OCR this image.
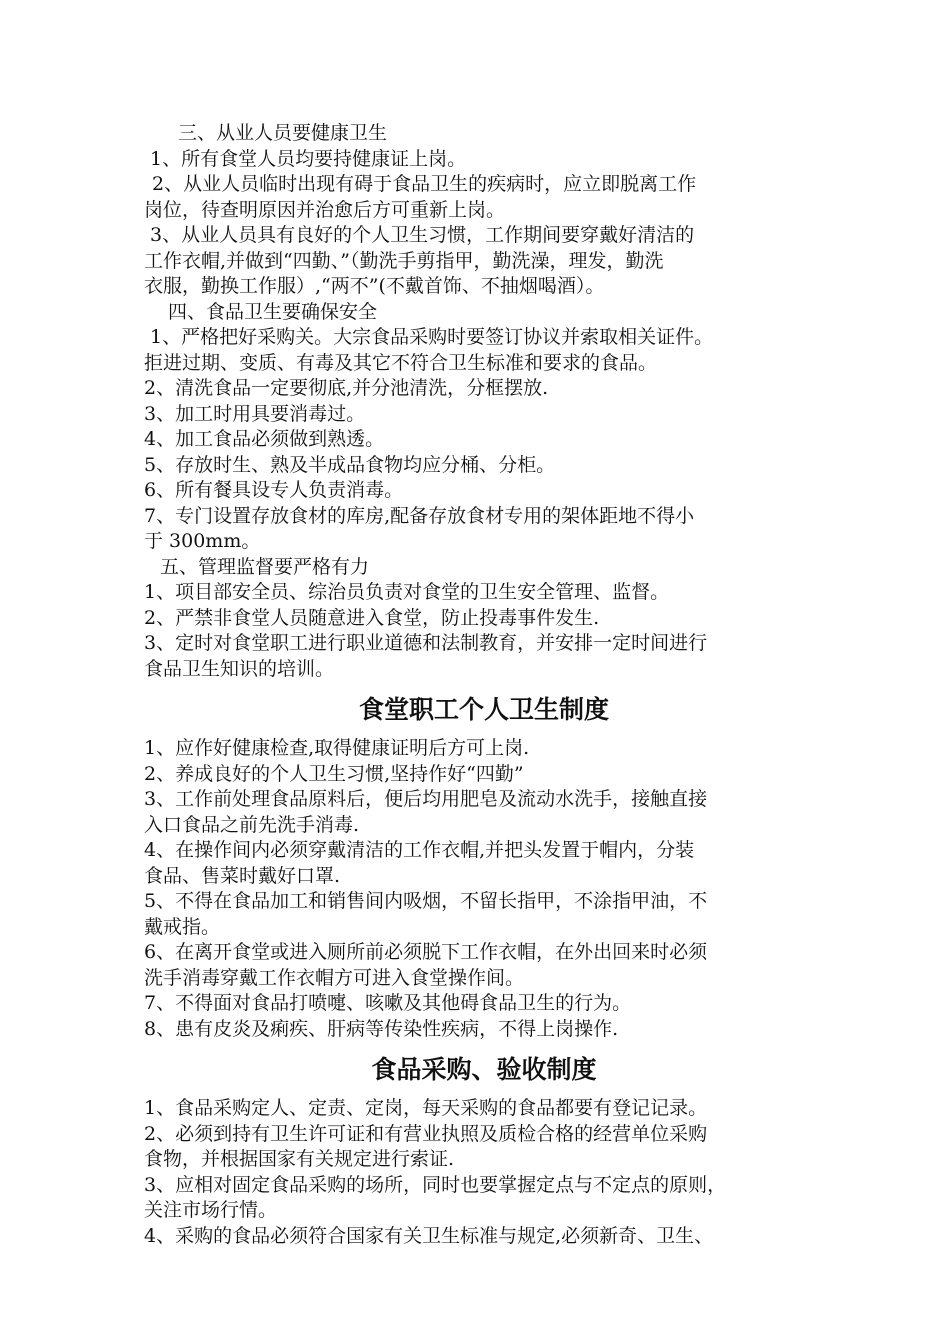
三、从业人员要健康卫生
1、所有食堂人员均要持健康证上岗。
2、从业人员临时出现有碍于食品卫生的疾病时，应立即脱离工作
岗位，待查明原因并治愈后方可重新上岗。
3、从业人员具有良好的个人卫生习惯，工作期间要穿戴好清洁的
工作衣帽,并做到“四勤、”（勤洗手剪指甲，勤洗澡，理发，勤洗
衣服，勤换工作服）,“两不”(不戴首饰、不抽烟喝酒）。
四、食品卫生要确保安全
1、严格把好采购关。大宗食品采购时要签订协议并索取相关证件。
拒进过期、变质、有毒及其它不符合卫生标准和要求的食品。
2、清洗食品一定要彻底,并分池清洗，分框摆放.
3、加工时用具要消毒过。
4、加工食品必须做到熟透。
5、存放时生、熟及半成品食物均应分桶、分柜。
6、所有餐具设专人负责消毒。
7、专门设置存放食材的库房,配备存放食材专用的架体距地不得小
于 300mm。
五、管理监督要严格有力
1、项目部安全员、综治员负责对食堂的卫生安全管理、监督。
2、严禁非食堂人员随意进入食堂，防止投毒事件发生.
3、定时对食堂职工进行职业道德和法制教育，并安排一定时间进行
食品卫生知识的培训。
食堂职工个人卫生制度
1、应作好健康检查,取得健康证明后方可上岗.
2、养成良好的个人卫生习惯,坚持作好“四勤”
3、工作前处理食品原料后，便后均用肥皂及流动水洗手，接触直接
入口食品之前先洗手消毒.
4、在操作间内必须穿戴清洁的工作衣帽,并把头发置于帽内，分装
食品、售菜时戴好口罩.
5、不得在食品加工和销售间内吸烟，不留长指甲，不涂指甲油，不
戴戒指。
6、在离开食堂或进入厕所前必须脱下工作衣帽，在外出回来时必须
洗手消毒穿戴工作衣帽方可进入食堂操作间。
7、不得面对食品打喷嚏、咳嗽及其他碍食品卫生的行为。
8、患有皮炎及痢疾、肝病等传染性疾病，不得上岗操作.
食品采购、验收制度
1、食品采购定人、定责、定岗，每天采购的食品都要有登记记录。
2、必须到持有卫生许可证和有营业执照及质检合格的经营单位采购
食物，并根据国家有关规定进行索证.
3、应相对固定食品采购的场所，同时也要掌握定点与不定点的原则，
关注市场行情。
4、采购的食品必须符合国家有关卫生标准与规定,必须新奇、卫生、
